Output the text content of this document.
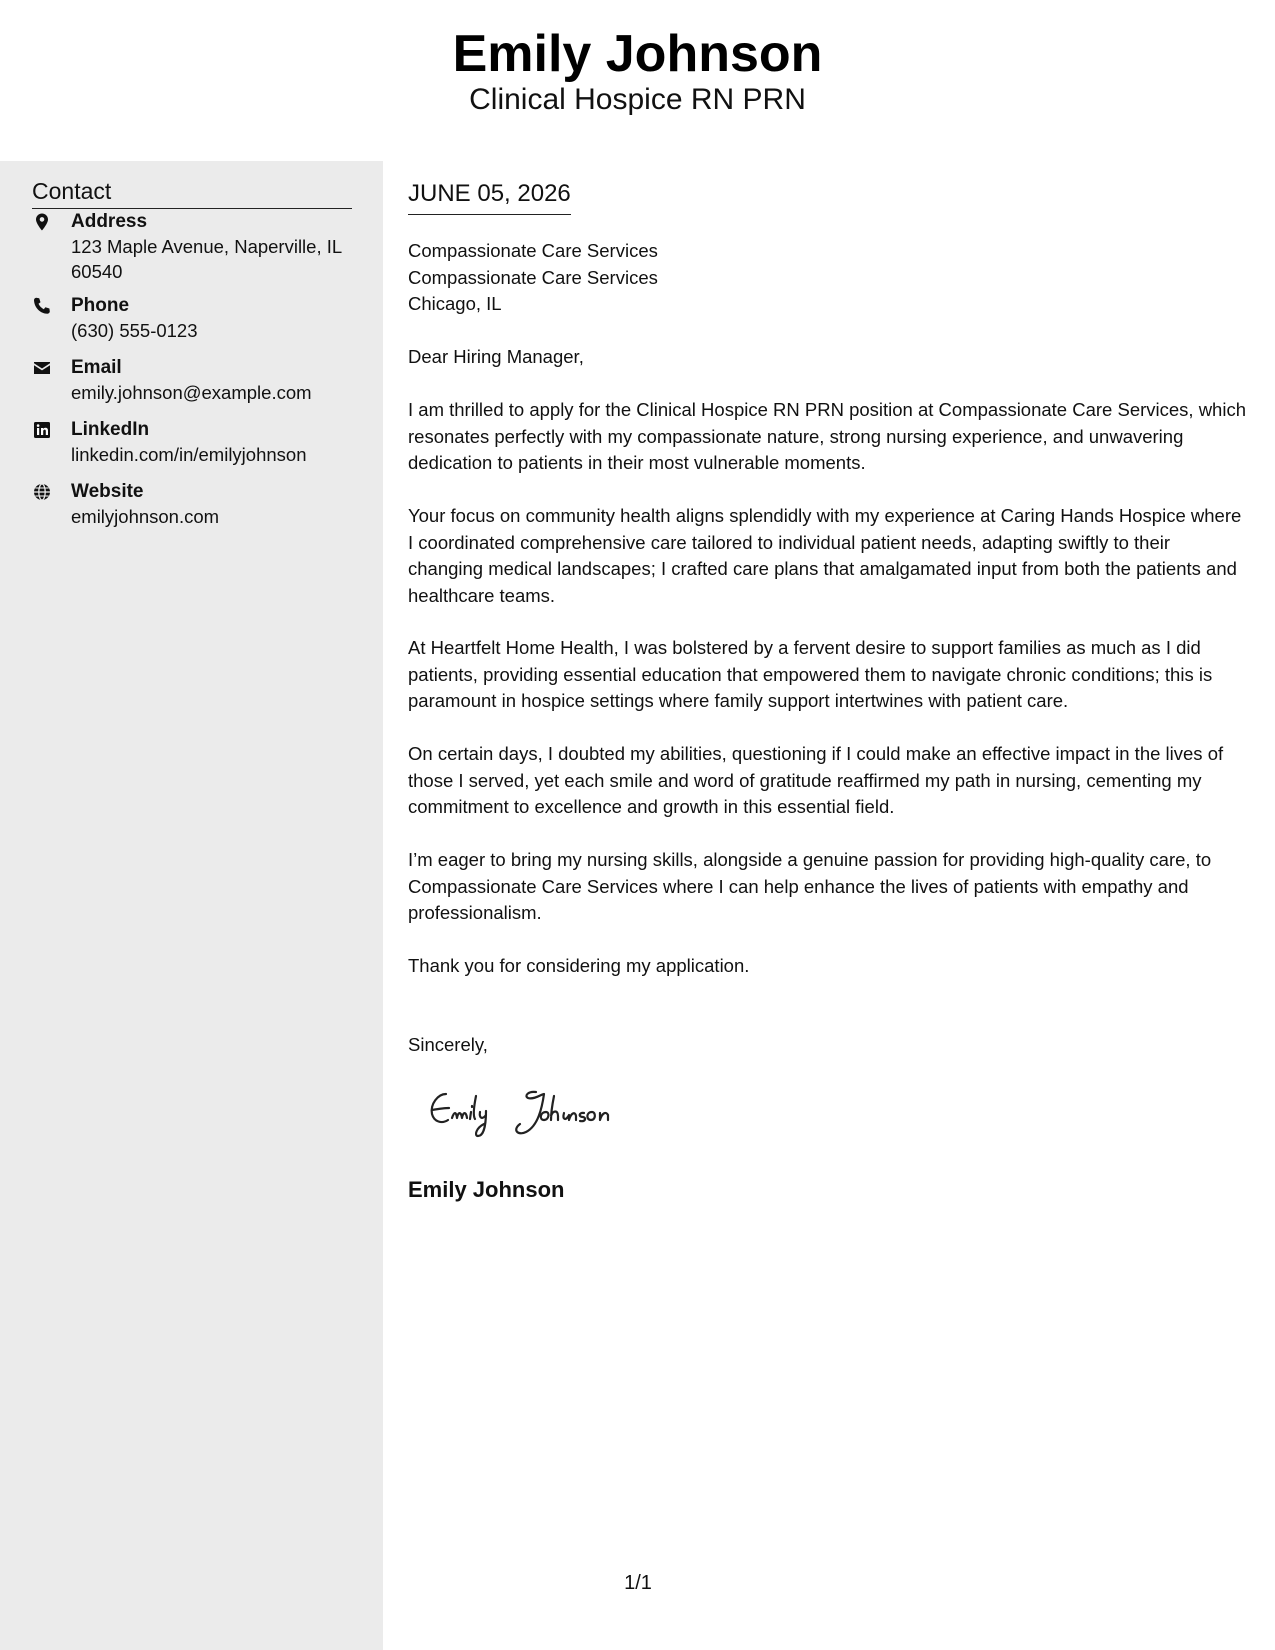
Emily Johnson
Clinical Hospice RN PRN
Contact
Address
123 Maple Avenue, Naperville, IL 60540
Phone
(630) 555-0123
Email
emily.johnson@example.com
LinkedIn
linkedin.com/in/emilyjohnson
Website
emilyjohnson.com
JUNE 05, 2026
Compassionate Care Services
Compassionate Care Services
Chicago, IL
Dear Hiring Manager,
I am thrilled to apply for the Clinical Hospice RN PRN position at Compassionate Care Services, which resonates perfectly with my compassionate nature, strong nursing experience, and unwavering dedication to patients in their most vulnerable moments.
Your focus on community health aligns splendidly with my experience at Caring Hands Hospice where I coordinated comprehensive care tailored to individual patient needs, adapting swiftly to their changing medical landscapes; I crafted care plans that amalgamated input from both the patients and healthcare teams.
At Heartfelt Home Health, I was bolstered by a fervent desire to support families as much as I did patients, providing essential education that empowered them to navigate chronic conditions; this is paramount in hospice settings where family support intertwines with patient care.
On certain days, I doubted my abilities, questioning if I could make an effective impact in the lives of those I served, yet each smile and word of gratitude reaffirmed my path in nursing, cementing my commitment to excellence and growth in this essential field.
I’m eager to bring my nursing skills, alongside a genuine passion for providing high-quality care, to Compassionate Care Services where I can help enhance the lives of patients with empathy and professionalism.
Thank you for considering my application.
Sincerely,
Emily Johnson
1/1
